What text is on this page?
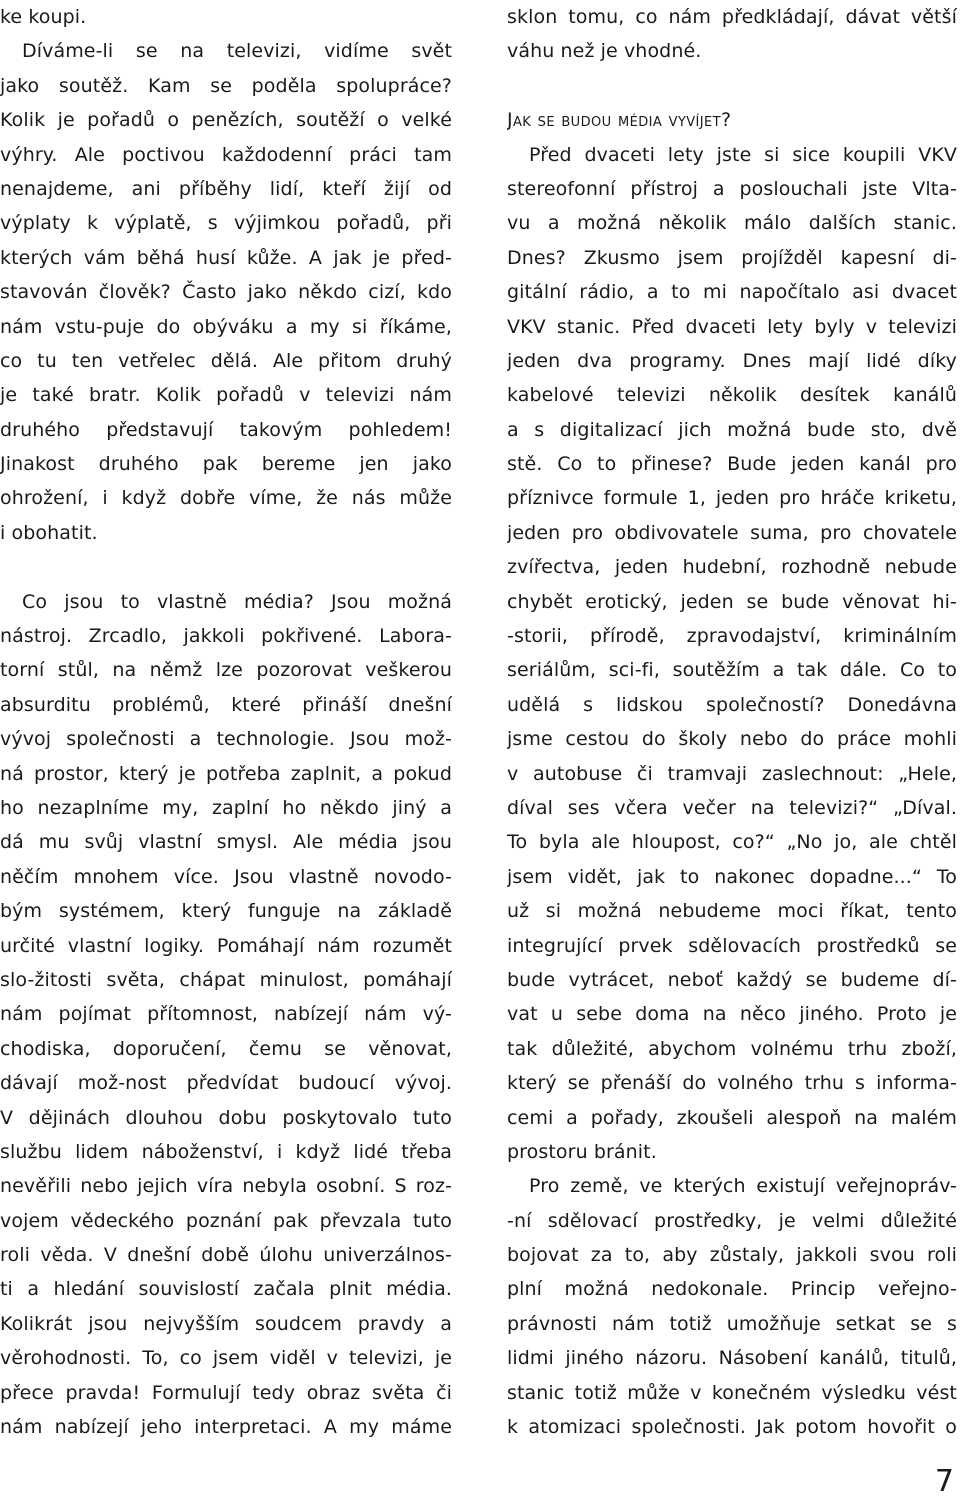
ke koupi.
Díváme-li se na televizi, vidíme svět
jako soutěž. Kam se poděla spolupráce?
Kolik je pořadů o penězích, soutěží o velké
výhry. Ale poctivou každodenní práci tam
nenajdeme, ani příběhy lidí, kteří žijí od
výplaty k výplatě, s výjimkou pořadů, při
kterých vám běhá husí kůže. A jak je před-
stavován člověk? Často jako někdo cizí, kdo
nám vstu-puje do obýváku a my si říkáme,
co tu ten vetřelec dělá. Ale přitom druhý
je také bratr. Kolik pořadů v televizi nám
druhého představují takovým pohledem!
Jinakost druhého pak bereme jen jako
ohrožení, i když dobře víme, že nás může
i obohatit.
Co jsou to vlastně média? Jsou možná
nástroj. Zrcadlo, jakkoli pokřivené. Labora-
torní stůl, na němž lze pozorovat veškerou
absurditu problémů, které přináší dnešní
vývoj společnosti a technologie. Jsou mož-
ná prostor, který je potřeba zaplnit, a pokud
ho nezaplníme my, zaplní ho někdo jiný a
dá mu svůj vlastní smysl. Ale média jsou
něčím mnohem více. Jsou vlastně novodo-
bým systémem, který funguje na základě
určité vlastní logiky. Pomáhají nám rozumět
slo-žitosti světa, chápat minulost, pomáhají
nám pojímat přítomnost, nabízejí nám vý-
chodiska, doporučení, čemu se věnovat,
dávají mož-nost předvídat budoucí vývoj.
V dějinách dlouhou dobu poskytovalo tuto
službu lidem náboženství, i když lidé třeba
nevěřili nebo jejich víra nebyla osobní. S roz-
vojem vědeckého poznání pak převzala tuto
roli věda. V dnešní době úlohu univerzálnos-
ti a hledání souvislostí začala plnit média.
Kolikrát jsou nejvyšším soudcem pravdy a
věrohodnosti. To, co jsem viděl v televizi, je
přece pravda! Formulují tedy obraz světa či
nám nabízejí jeho interpretaci. A my máme
sklon tomu, co nám předkládají, dávat větší
váhu než je vhodné.
Jak se budou média vyvíjet?
Před dvaceti lety jste si sice koupili VKV
stereofonní přístroj a poslouchali jste Vlta-
vu a možná několik málo dalších stanic.
Dnes? Zkusmo jsem projížděl kapesní di-
gitální rádio, a to mi napočítalo asi dvacet
VKV stanic. Před dvaceti lety byly v televizi
jeden dva programy. Dnes mají lidé díky
kabelové televizi několik desítek kanálů
a s digitalizací jich možná bude sto, dvě
stě. Co to přinese? Bude jeden kanál pro
příznivce formule 1, jeden pro hráče kriketu,
jeden pro obdivovatele suma, pro chovatele
zvířectva, jeden hudební, rozhodně nebude
chybět erotický, jeden se bude věnovat hi-
-storii, přírodě, zpravodajství, kriminálním
seriálům, sci-fi, soutěžím a tak dále. Co to
udělá s lidskou společností? Donedávna
jsme cestou do školy nebo do práce mohli
v autobuse či tramvaji zaslechnout: „Hele,
díval ses včera večer na televizi?“ „Díval.
To byla ale hloupost, co?“ „No jo, ale chtěl
jsem vidět, jak to nakonec dopadne...“ To
už si možná nebudeme moci říkat, tento
integrující prvek sdělovacích prostředků se
bude vytrácet, neboť každý se budeme dí-
vat u sebe doma na něco jiného. Proto je
tak důležité, abychom volnému trhu zboží,
který se přenáší do volného trhu s informa-
cemi a pořady, zkoušeli alespoň na malém
prostoru bránit.
Pro země, ve kterých existují veřejnopráv-
-ní sdělovací prostředky, je velmi důležité
bojovat za to, aby zůstaly, jakkoli svou roli
plní možná nedokonale. Princip veřejno-
právnosti nám totiž umožňuje setkat se s
lidmi jiného názoru. Násobení kanálů, titulů,
stanic totiž může v konečném výsledku vést
k atomizaci společnosti. Jak potom hovořit o
7
